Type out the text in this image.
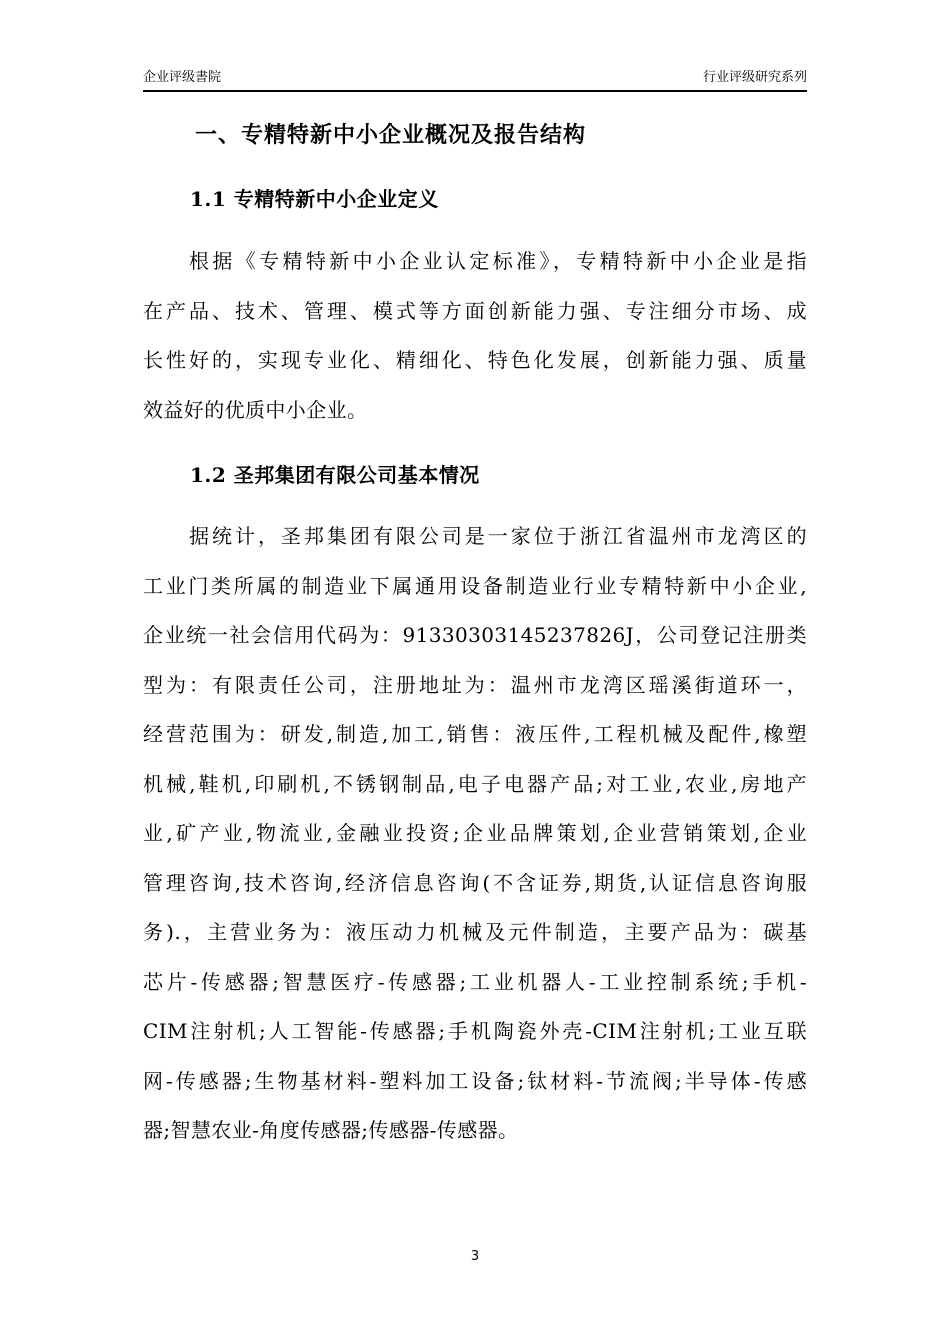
企业评级書院	行业评级研究系列
一、专精特新中小企业概况及报告结构
1.1 专精特新中小企业定义
根据《专精特新中小企业认定标准》，专精特新中小企业是指
在产品、技术、管理、模式等方面创新能力强、专注细分市场、成
长性好的，实现专业化、精细化、特色化发展，创新能力强、质量
效益好的优质中小企业。
1.2 圣邦集团有限公司基本情况
据统计，圣邦集团有限公司是一家位于浙江省温州市龙湾区的
工业门类所属的制造业下属通用设备制造业行业专精特新中小企业,
企业统一社会信用代码为：91330303145237826J，公司登记注册类
型为：有限责任公司，注册地址为：温州市龙湾区瑶溪街道环一，
经营范围为：研发,制造,加工,销售：液压件,工程机械及配件,橡塑
机械,鞋机,印刷机,不锈钢制品,电子电器产品;对工业,农业,房地产
业,矿产业,物流业,金融业投资;企业品牌策划,企业营销策划,企业
管理咨询,技术咨询,经济信息咨询(不含证券,期货,认证信息咨询服
务).，主营业务为：液压动力机械及元件制造，主要产品为：碳基
芯片-传感器;智慧医疗-传感器;工业机器人-工业控制系统;手机-
CIM注射机;人工智能-传感器;手机陶瓷外壳-CIM注射机;工业互联
网-传感器;生物基材料-塑料加工设备;钛材料-节流阀;半导体-传感
器;智慧农业-角度传感器;传感器-传感器。
3
